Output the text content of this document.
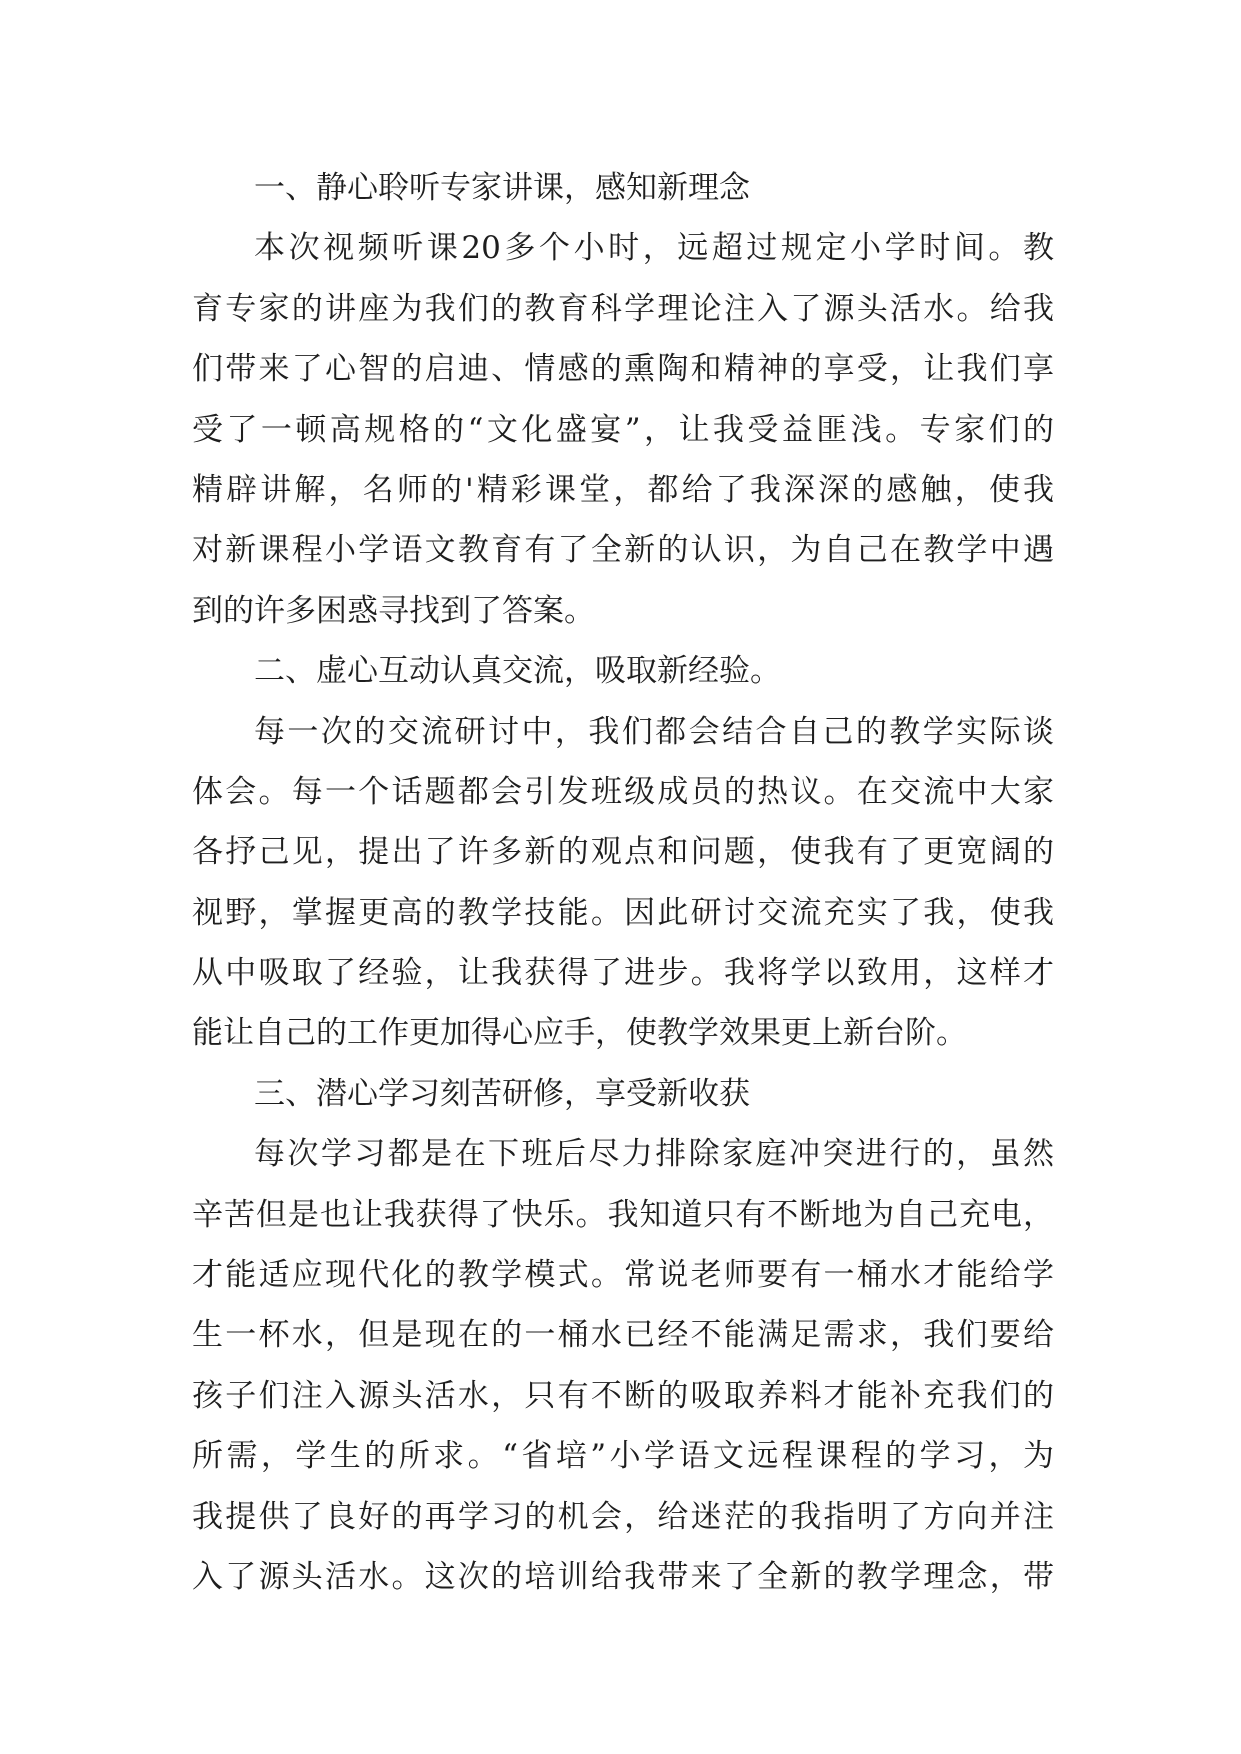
一、静心聆听专家讲课，感知新理念
本次视频听课20多个小时，远超过规定小学时间。教
育专家的讲座为我们的教育科学理论注入了源头活水。给我
们带来了心智的启迪、情感的熏陶和精神的享受，让我们享
受了一顿高规格的“文化盛宴”，让我受益匪浅。专家们的
精辟讲解，名师的'精彩课堂，都给了我深深的感触，使我
对新课程小学语文教育有了全新的认识，为自己在教学中遇
到的许多困惑寻找到了答案。
二、虚心互动认真交流，吸取新经验。
每一次的交流研讨中，我们都会结合自己的教学实际谈
体会。每一个话题都会引发班级成员的热议。在交流中大家
各抒己见，提出了许多新的观点和问题，使我有了更宽阔的
视野，掌握更高的教学技能。因此研讨交流充实了我，使我
从中吸取了经验，让我获得了进步。我将学以致用，这样才
能让自己的工作更加得心应手，使教学效果更上新台阶。
三、潜心学习刻苦研修，享受新收获
每次学习都是在下班后尽力排除家庭冲突进行的，虽然
辛苦但是也让我获得了快乐。我知道只有不断地为自己充电，
才能适应现代化的教学模式。常说老师要有一桶水才能给学
生一杯水，但是现在的一桶水已经不能满足需求，我们要给
孩子们注入源头活水，只有不断的吸取养料才能补充我们的
所需，学生的所求。“省培”小学语文远程课程的学习，为
我提供了良好的再学习的机会，给迷茫的我指明了方向并注
入了源头活水。这次的培训给我带来了全新的教学理念，带
